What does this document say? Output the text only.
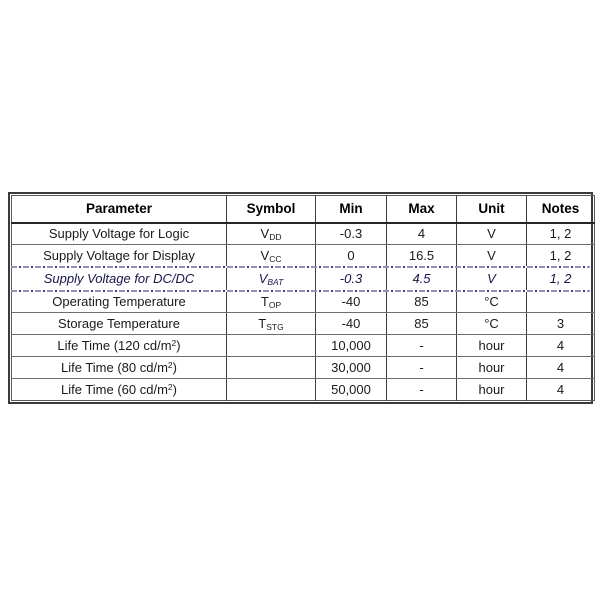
Parameter	Symbol	Min	Max	Unit	Notes
Supply Voltage for Logic	$V_{DD}$	-0.3	4	V	1, 2
Supply Voltage for Display	$V_{CC}$	0	16.5	V	1, 2
Supply Voltage for DC/DC	$V_{BAT}$	-0.3	4.5	V	1, 2
Operating Temperature	$T_{OP}$	-40	85	°C	
Storage Temperature	$T_{STG}$	-40	85	°C	3
Life Time (120 $cd/m^2$)		10,000	-	hour	4
Life Time (80 $cd/m^2$)		30,000	-	hour	4
Life Time (60 $cd/m^2$)		50,000	-	hour	4
